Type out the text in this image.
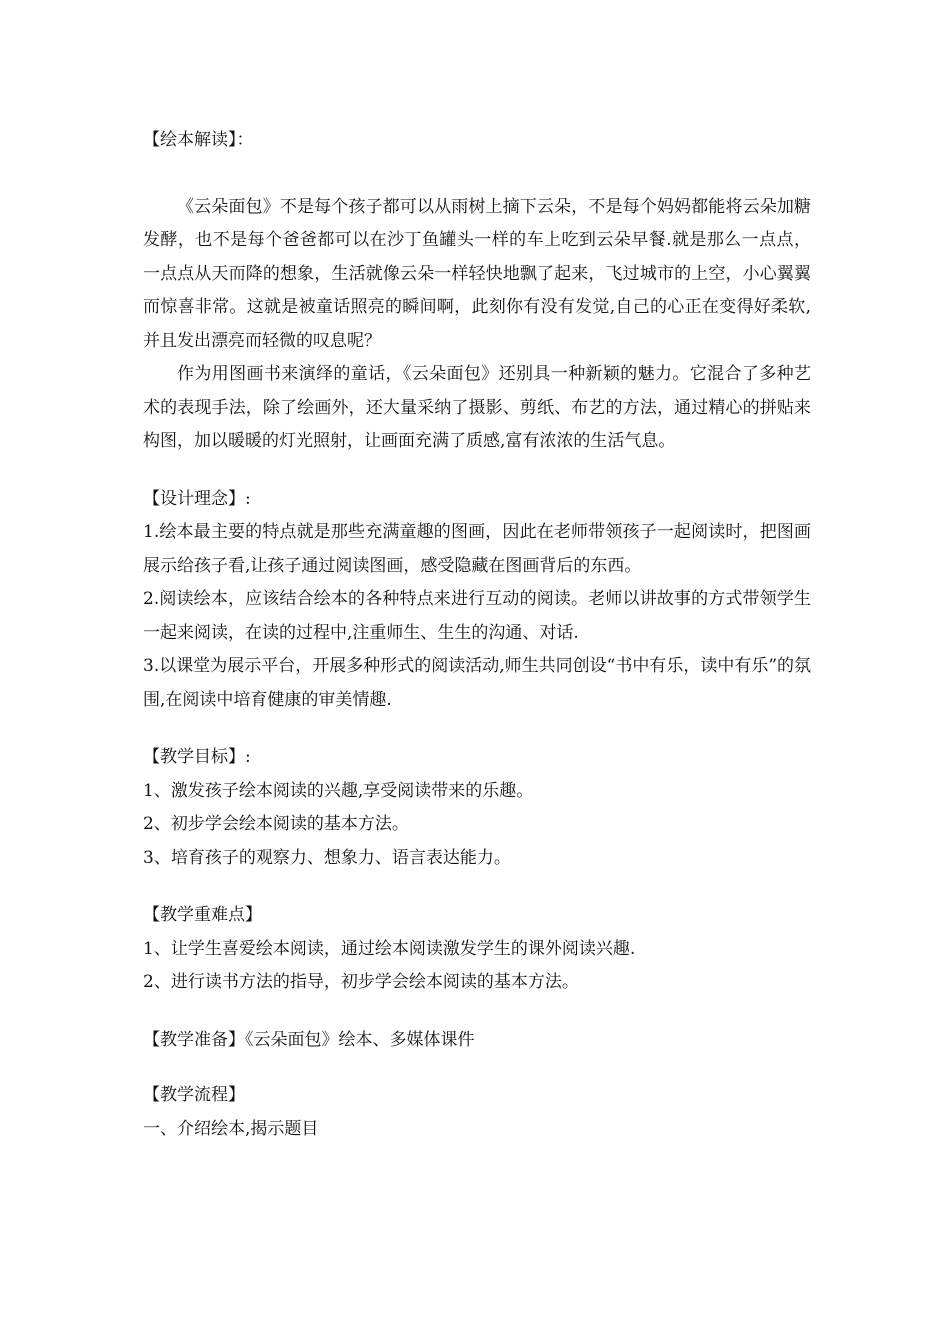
【绘本解读】：
《云朵面包》不是每个孩子都可以从雨树上摘下云朵，不是每个妈妈都能将云朵加糖发酵，也不是每个爸爸都可以在沙丁鱼罐头一样的车上吃到云朵早餐.就是那么一点点，一点点从天而降的想象，生活就像云朵一样轻快地飘了起来，飞过城市的上空，小心翼翼而惊喜非常。这就是被童话照亮的瞬间啊，此刻你有没有发觉,自己的心正在变得好柔软,并且发出漂亮而轻微的叹息呢？
作为用图画书来演绎的童话，《云朵面包》还别具一种新颖的魅力。它混合了多种艺术的表现手法，除了绘画外，还大量采纳了摄影、剪纸、布艺的方法，通过精心的拼贴来构图，加以暖暖的灯光照射，让画面充满了质感,富有浓浓的生活气息。
【设计理念】:
1.绘本最主要的特点就是那些充满童趣的图画，因此在老师带领孩子一起阅读时，把图画展示给孩子看,让孩子通过阅读图画，感受隐藏在图画背后的东西。
2.阅读绘本，应该结合绘本的各种特点来进行互动的阅读。老师以讲故事的方式带领学生一起来阅读，在读的过程中,注重师生、生生的沟通、对话.
3.以课堂为展示平台，开展多种形式的阅读活动,师生共同创设“书中有乐，读中有乐”的氛围,在阅读中培育健康的审美情趣.
【教学目标】:
1、激发孩子绘本阅读的兴趣,享受阅读带来的乐趣。
2、初步学会绘本阅读的基本方法。
3、培育孩子的观察力、想象力、语言表达能力。
【教学重难点】
1、让学生喜爱绘本阅读，通过绘本阅读激发学生的课外阅读兴趣.
2、进行读书方法的指导，初步学会绘本阅读的基本方法。
【教学准备】《云朵面包》绘本、多媒体课件
【教学流程】
一、介绍绘本,揭示题目
